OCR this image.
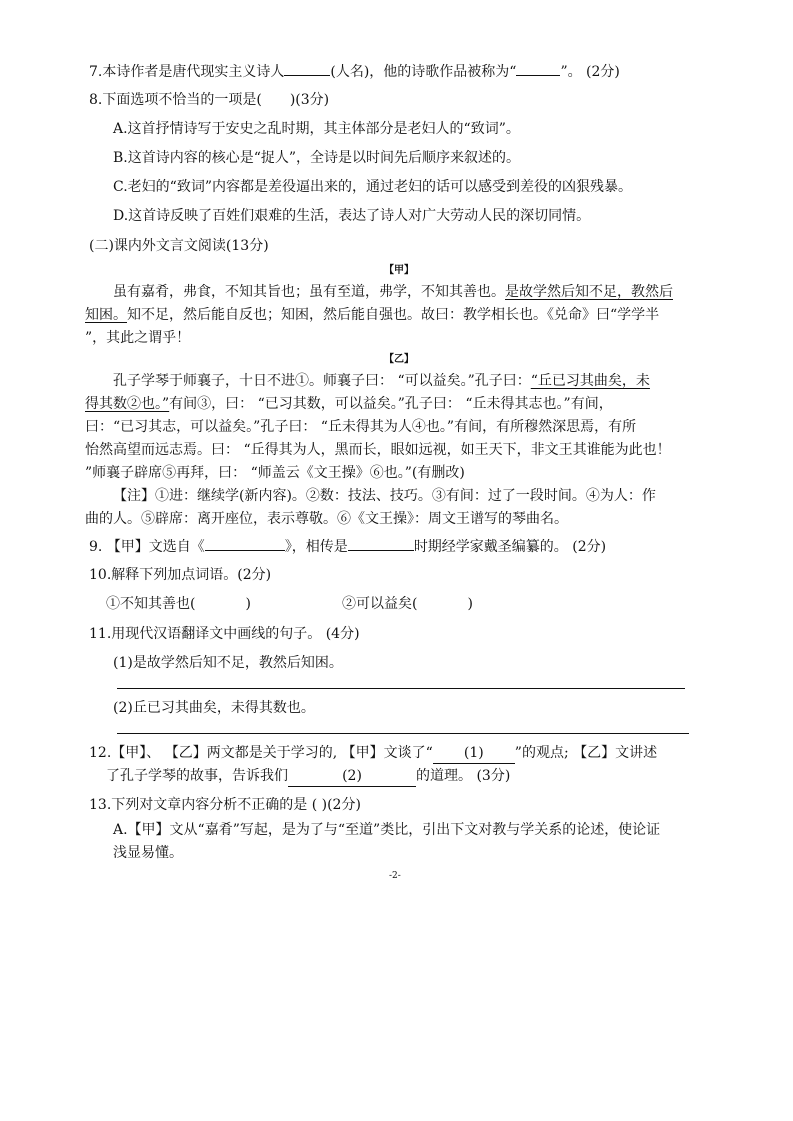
7.本诗作者是唐代现实主义诗人	(人名)，他的诗歌作品被称为“	”。 (2分)
8.下面选项不恰当的一项是(　　)(3分)
A.这首抒情诗写于安史之乱时期，其主体部分是老妇人的“致词”。
B.这首诗内容的核心是“捉人”，全诗是以时间先后顺序来叙述的。
C.老妇的“致词”内容都是差役逼出来的，通过老妇的话可以感受到差役的凶狠残暴。
D.这首诗反映了百姓们艰难的生活，表达了诗人对广大劳动人民的深切同情。
(二)课内外文言文阅读(13分)
【甲】
虽有嘉肴，弗食，不知其旨也；虽有至道，弗学，不知其善也。是故学然后知不足，教然后
知困。知不足，然后能自反也；知困，然后能自强也。故曰：教学相长也。《兑命》曰“学学半
”，其此之谓乎！
【乙】
孔子学琴于师襄子，十日不进①。师襄子曰： “可以益矣。”孔子曰：“丘已习其曲矣，未
得其数②也。”有间③，曰： “已习其数，可以益矣。”孔子曰： “丘未得其志也。”有间，
曰：“已习其志，可以益矣。”孔子曰： “丘未得其为人④也。”有间，有所穆然深思焉，有所
怡然高望而远志焉。曰： “丘得其为人，黑而长，眼如远视，如王天下，非文王其谁能为此也！
”师襄子辟席⑤再拜，曰： “师盖云《文王操》⑥也。”(有删改)
【注】①进：继续学(新内容)。②数：技法、技巧。③有间：过了一段时间。④为人：作
曲的人。⑤辟席：离开座位，表示尊敬。⑥《文王操》：周文王谱写的琴曲名。
9. 【甲】文选自《	》，相传是	时期经学家戴圣编纂的。 (2分)
10.解释下列加点词语。(2分)
①不知其善也(	)	②可以益矣(	)
11.用现代汉语翻译文中画线的句子。 (4分)
(1)是故学然后知不足，教然后知困。
(2)丘已习其曲矣，未得其数也。
12.【甲】、 【乙】两文都是关于学习的, 【甲】文谈了“ (1) ”的观点; 【乙】文讲述
了孔子学琴的故事，告诉我们	(2)	的道理。 (3分)
13.下列对文章内容分析不正确的是 ( )(2分)
A.【甲】文从“嘉肴”写起，是为了与“至道”类比，引出下文对教与学关系的论述，使论证
浅显易懂。
-2-
